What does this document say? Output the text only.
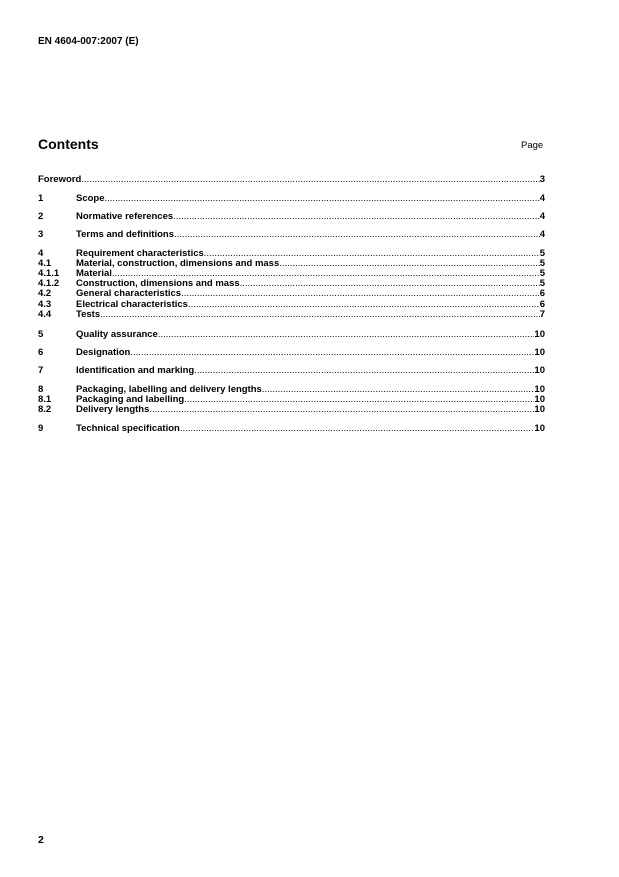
EN 4604-007:2007 (E)
Contents	Page
Foreword .....	3
1	Scope .....	4
2	Normative references .....	4
3	Terms and definitions .....	4
4	Requirement characteristics .....	5
4.1	Material, construction, dimensions and mass .....	5
4.1.1	Material .....	5
4.1.2	Construction, dimensions and mass .....	5
4.2	General characteristics .....	6
4.3	Electrical characteristics .....	6
4.4	Tests .....	7
5	Quality assurance .....	10
6	Designation .....	10
7	Identification and marking .....	10
8	Packaging, labelling and delivery lengths .....	10
8.1	Packaging and labelling .....	10
8.2	Delivery lengths .....	10
9	Technical specification .....	10
2
